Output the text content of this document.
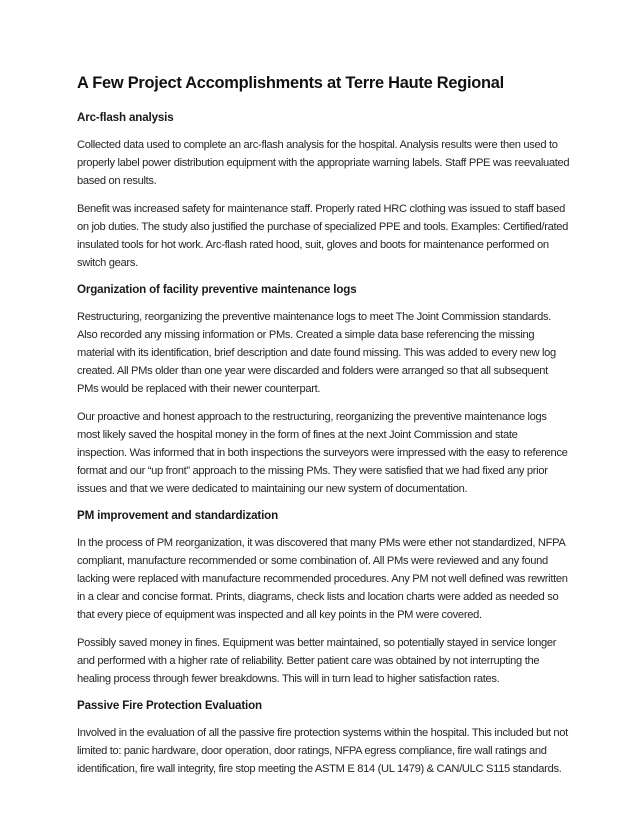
A Few Project Accomplishments at Terre Haute Regional
Arc-flash analysis

Collected data used to complete an arc-flash analysis for the hospital. Analysis results were then used to properly label power distribution equipment with the appropriate warning labels. Staff PPE was reevaluated based on results.

Benefit was increased safety for maintenance staff. Properly rated HRC clothing was issued to staff based on job duties. The study also justified the purchase of specialized PPE and tools. Examples: Certified/rated insulated tools for hot work. Arc-flash rated hood, suit, gloves and boots for maintenance performed on switch gears.

Organization of facility preventive maintenance logs

Restructuring, reorganizing the preventive maintenance logs to meet The Joint Commission standards. Also recorded any missing information or PMs. Created a simple data base referencing the missing material with its identification, brief description and date found missing. This was added to every new log created. All PMs older than one year were discarded and folders were arranged so that all subsequent PMs would be replaced with their newer counterpart.

Our proactive and honest approach to the restructuring, reorganizing the preventive maintenance logs most likely saved the hospital money in the form of fines at the next Joint Commission and state inspection. Was informed that in both inspections the surveyors were impressed with the easy to reference format and our “up front” approach to the missing PMs. They were satisfied that we had fixed any prior issues and that we were dedicated to maintaining our new system of documentation.

PM improvement and standardization

In the process of PM reorganization, it was discovered that many PMs were ether not standardized, NFPA compliant, manufacture recommended or some combination of. All PMs were reviewed and any found lacking were replaced with manufacture recommended procedures. Any PM not well defined was rewritten in a clear and concise format. Prints, diagrams, check lists and location charts were added as needed so that every piece of equipment was inspected and all key points in the PM were covered.

Possibly saved money in fines. Equipment was better maintained, so potentially stayed in service longer and performed with a higher rate of reliability. Better patient care was obtained by not interrupting the healing process through fewer breakdowns. This will in turn lead to higher satisfaction rates.

Passive Fire Protection Evaluation

Involved in the evaluation of all the passive fire protection systems within the hospital. This included but not limited to: panic hardware, door operation, door ratings, NFPA egress compliance, fire wall ratings and identification, fire wall integrity, fire stop meeting the ASTM E 814 (UL 1479) & CAN/ULC S115 standards.
